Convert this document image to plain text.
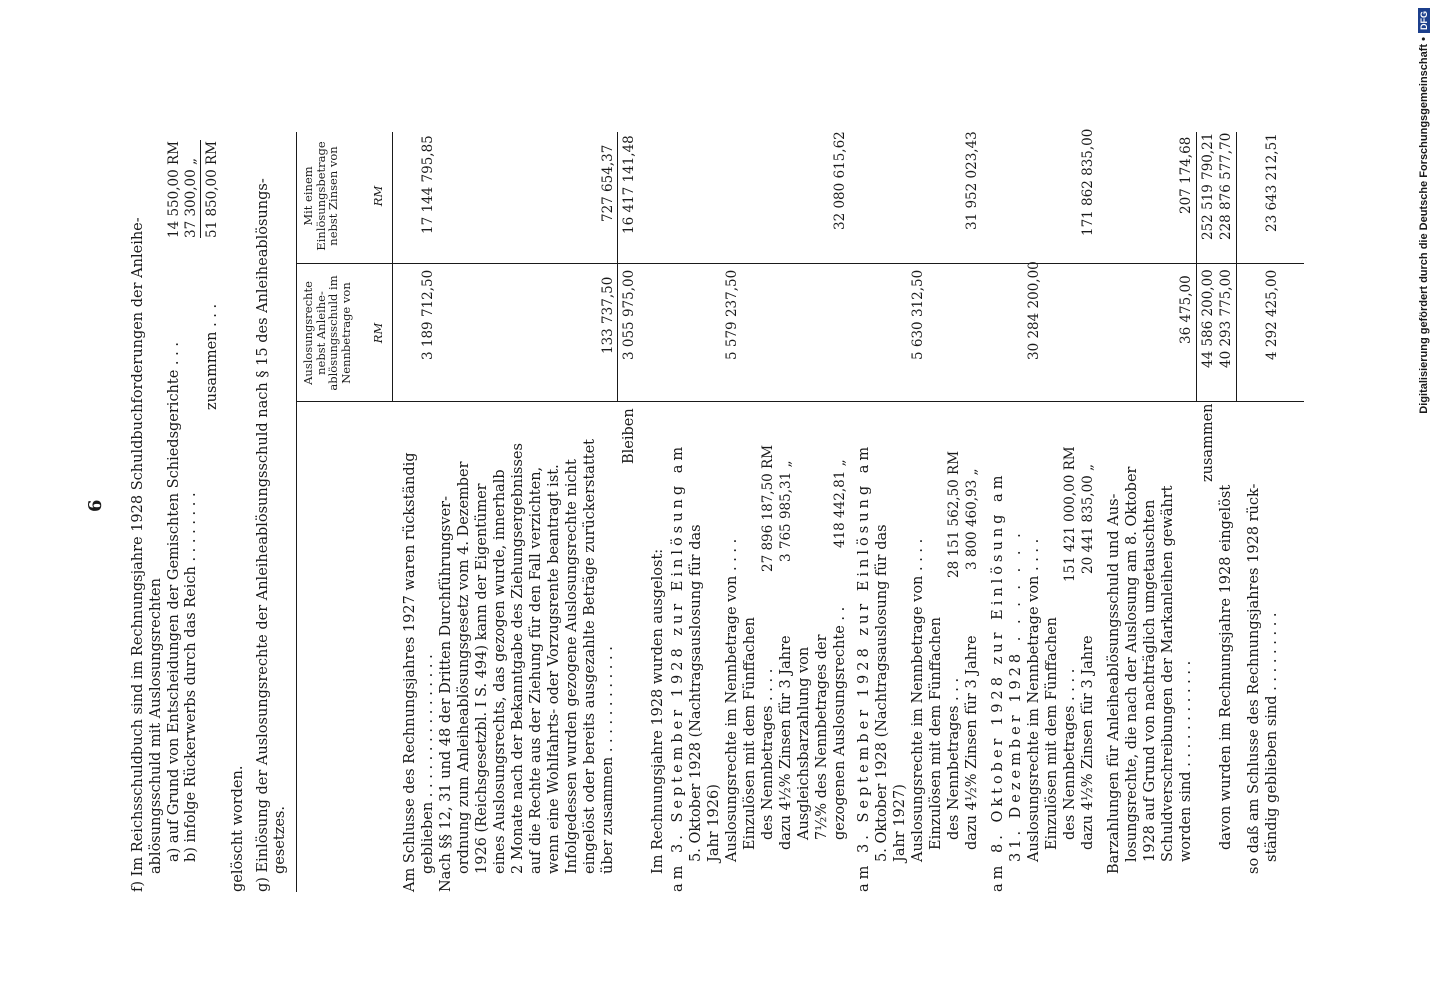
6 f) Im Reichsschuldbuch sind im Rechnungsjahre 1928 Schuldbuchforderungen der Anleihe- ablösungsschuld mit Auslosungsrechten a) auf Grund von Entscheidungen der Gemischten Schiedsgerichte . . .
14 550,00 RM
b) infolge Rückerwerbs durch das Reich . . . . . . . .
37 300,00 „
zusammen . . .
51 850,00 RM
gelöscht worden. g) Einlösung der Auslosungsrechte der Anleiheablösungsschuld nach § 15 des Anleiheablösungs- gesetzes.
Auslosungsrechte nebst Anleihe-ablösungsschuld im Nennbetrage von RM
Mit einem Einlösungsbetrage nebst Zinsen von	RM
Am Schlusse des Rechnungsjahres 1927 waren rückständig geblieben . . . . . . . . . . . . . . . .
3 189 712,50
17 144 795,85
Nach §§ 12, 31 und 48 der Dritten Durchführungsver- ordnung zum Anleiheablösungsgesetz vom 4. Dezember 1926 (Reichsgesetzbl. I S. 494) kann der Eigentümer eines Auslosungsrechts, das gezogen wurde, innerhalb 2 Monate nach der Bekanntgabe des Ziehungsergebnisses auf die Rechte aus der Ziehung für den Fall verzichten, wenn eine Wohlfahrts- oder Vorzugsrente beantragt ist. Infolgedessen wurden gezogene Auslosungsrechte nicht eingelöst oder bereits ausgezahlte Beträge zurückerstattet über zusammen . . . . . . . . . . . .
133 737,50
727 654,37
Bleiben
3 055 975,00
16 417 141,48
Im Rechnungsjahre 1928 wurden ausgelost: am 3. September 1928 zur Einlösung am 5. Oktober 1928 (Nachtragsauslosung für das Jahr 1926) Auslosungsrechte im Nennbetrage von . . . .
5 579 237,50
Einzulösen mit dem Fünffachen des Nennbetrages . . . .
27 896 187,50 RM
dazu 4½% Zinsen für 3 Jahre
3 765 985,31 „
Ausgleichsbarzahlung von 7½% des Nennbetrages der gezogenen Auslosungsrechte . .
418 442,81 „
32 080 615,62
am 3. September 1928 zur Einlösung am 5. Oktober 1928 (Nachtragsauslosung für das Jahr 1927) Auslosungsrechte im Nennbetrage von . . . .
5 630 312,50
Einzulösen mit dem Fünffachen des Nennbetrages . . .
28 151 562,50 RM
dazu 4½% Zinsen für 3 Jahre
3 800 460,93 „
31 952 023,43
am 8. Oktober 1928 zur Einlösung am 31. Dezember 1928 . . . . . . . Auslosungsrechte im Nennbetrage von . . . .
30 284 200,00
Einzulösen mit dem Fünffachen des Nennbetrages . . . .
151 421 000,00 RM
dazu 4½% Zinsen für 3 Jahre
20 441 835,00 „
171 862 835,00
Barzahlungen für Anleiheablösungsschuld und Aus- losungsrechte, die nach der Auslosung am 8. Oktober 1928 auf Grund von nachträglich umgetauschten Schuldverschreibungen der Markanleihen gewährt worden sind . . . . . . . . . . . .
36 475,00
207 174,68
zusammen
44 586 200,00
252 519 790,21
davon wurden im Rechnungsjahre 1928 eingelöst
40 293 775,00
228 876 577,70
so daß am Schlusse des Rechnungsjahres 1928 rück- ständig geblieben sind . . . . . . . . .
4 292 425,00
23 643 212,51	Digitalisierung gefördert durch die Deutsche Forschungsgemeinschaft •
DFG
